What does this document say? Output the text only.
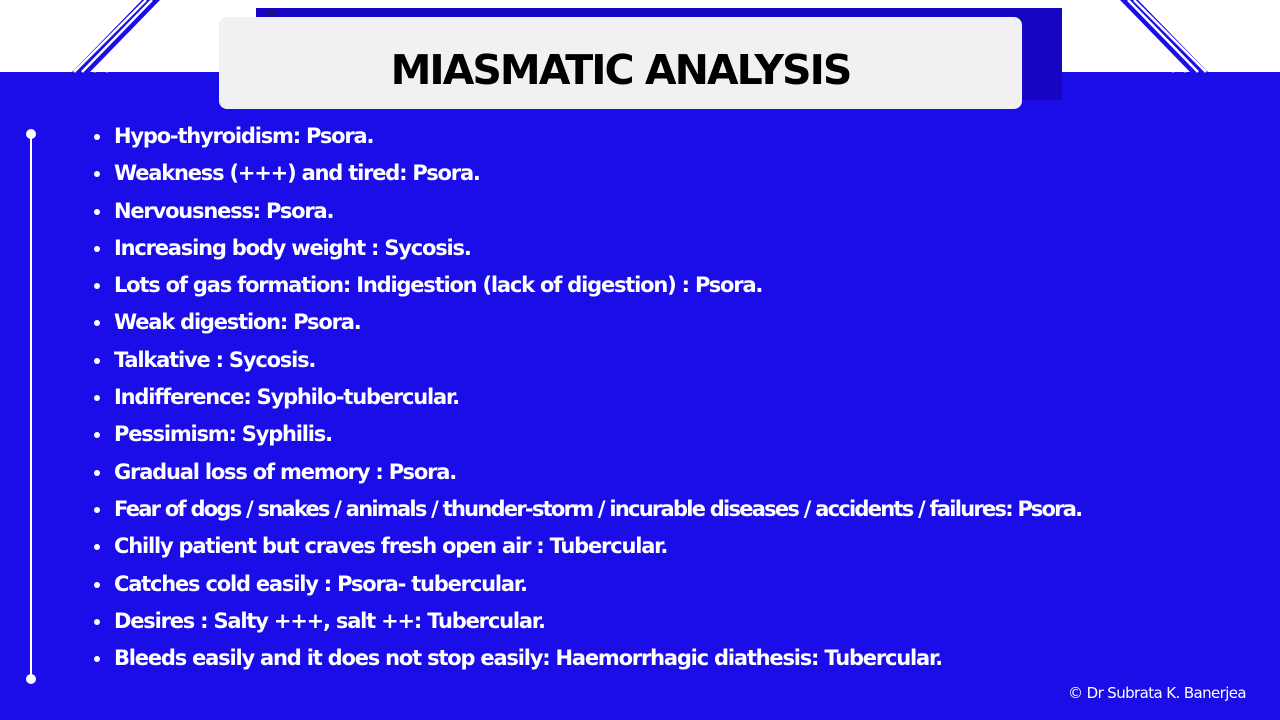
”
MIASMATIC ANALYSIS
Hypo-thyroidism: Psora.
Weakness (+++) and tired: Psora.
Nervousness: Psora.
Increasing body weight : Sycosis.
Lots of gas formation: Indigestion (lack of digestion) : Psora.
Weak digestion: Psora.
Talkative : Sycosis.
Indifference: Syphilo-tubercular.
Pessimism: Syphilis.
Gradual loss of memory : Psora.
Fear of dogs / snakes / animals / thunder-storm / incurable diseases / accidents / failures: Psora.
Chilly patient but craves fresh open air : Tubercular.
Catches cold easily : Psora- tubercular.
Desires : Salty +++, salt ++: Tubercular.
Bleeds easily and it does not stop easily: Haemorrhagic diathesis: Tubercular.
© Dr Subrata K. Banerjea
